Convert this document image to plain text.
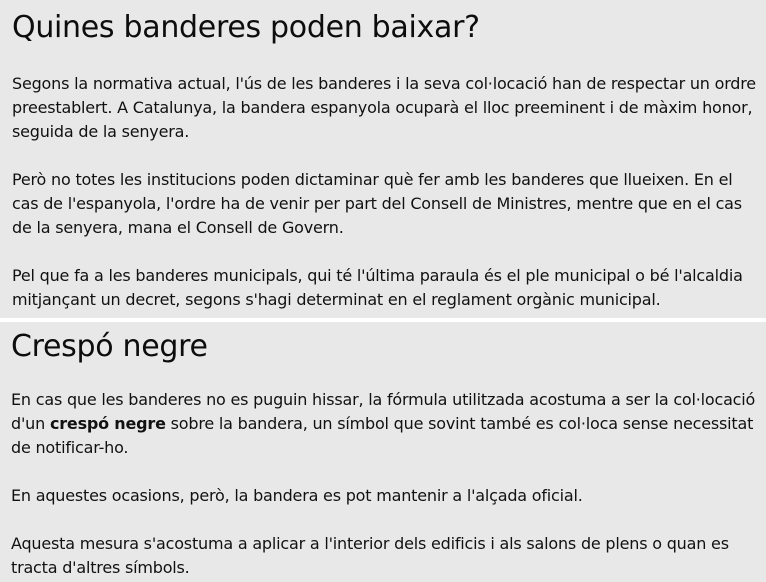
Quines banderes poden baixar?

Segons la normativa actual, l'ús de les banderes i la seva col·locació han de respectar un ordre preestablert. A Catalunya, la bandera espanyola ocuparà el lloc preeminent i de màxim honor, seguida de la senyera.

Però no totes les institucions poden dictaminar què fer amb les banderes que llueixen. En el cas de l'espanyola, l'ordre ha de venir per part del Consell de Ministres, mentre que en el cas de la senyera, mana el Consell de Govern.

Pel que fa a les banderes municipals, qui té l'última paraula és el ple municipal o bé l'alcaldia mitjançant un decret, segons s'hagi determinat en el reglament orgànic municipal.

Crespó negre

En cas que les banderes no es puguin hissar, la fórmula utilitzada acostuma a ser la col·locació d'un crespó negre sobre la bandera, un símbol que sovint també es col·loca sense necessitat de notificar-ho.

En aquestes ocasions, però, la bandera es pot mantenir a l'alçada oficial.

Aquesta mesura s'acostuma a aplicar a l'interior dels edificis i als salons de plens o quan es tracta d'altres símbols.
